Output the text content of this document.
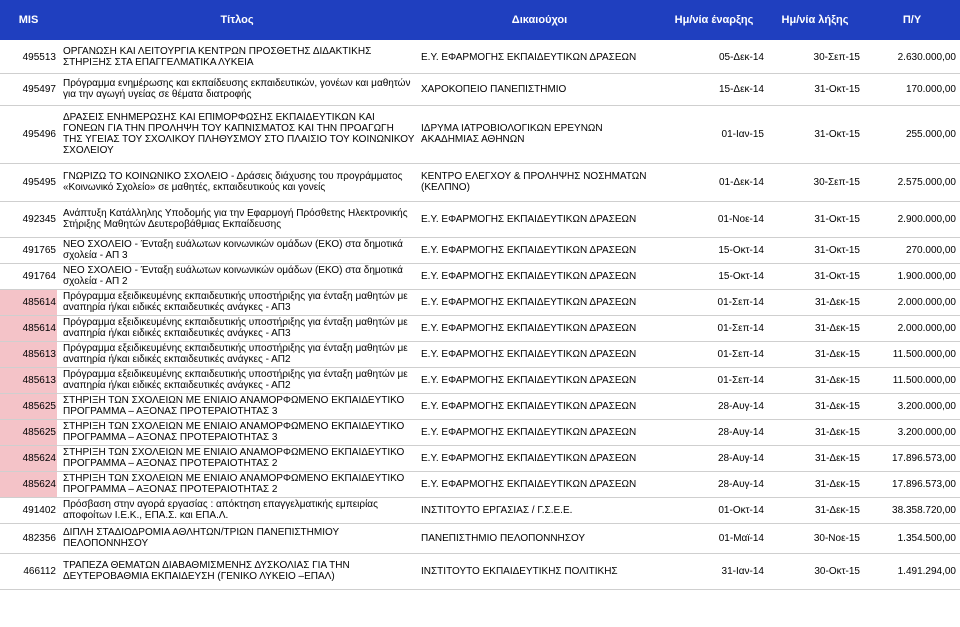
MIS	Τίτλος	Δικαιούχοι	Ημ/νία έναρξης	Ημ/νία λήξης	Π/Υ
495513	ΟΡΓΑΝΩΣΗ ΚΑΙ ΛΕΙΤΟΥΡΓΙΑ ΚΕΝΤΡΩΝ ΠΡΟΣΘΕΤΗΣ ΔΙΔΑΚΤΙΚΗΣ ΣΤΗΡΙΞΗΣ ΣΤΑ ΕΠΑΓΓΕΛΜΑΤΙΚΑ ΛΥΚΕΙΑ	Ε.Υ. ΕΦΑΡΜΟΓΗΣ ΕΚΠΑΙΔΕΥΤΙΚΩΝ ΔΡΑΣΕΩΝ	05-Δεκ-14	30-Σεπ-15	2.630.000,00
495497	Πρόγραμμα ενημέρωσης και εκπαίδευσης εκπαιδευτικών, γονέων και μαθητών για την αγωγή υγείας σε θέματα διατροφής	ΧΑΡΟΚΟΠΕΙΟ ΠΑΝΕΠΙΣΤΗΜΙΟ	15-Δεκ-14	31-Οκτ-15	170.000,00
495496	ΔΡΑΣΕΙΣ ΕΝΗΜΕΡΩΣΗΣ ΚΑΙ ΕΠΙΜΟΡΦΩΣΗΣ ΕΚΠΑΙΔΕΥΤΙΚΩΝ ΚΑΙ ΓΟΝΕΩΝ ΓΙΑ ΤΗΝ ΠΡΟΛΗΨΗ ΤΟΥ ΚΑΠΝΙΣΜΑΤΟΣ ΚΑΙ ΤΗΝ ΠΡΟΑΓΩΓΗ ΤΗΣ ΥΓΕΙΑΣ ΤΟΥ ΣΧΟΛΙΚΟΥ ΠΛΗΘΥΣΜΟΥ ΣΤΟ ΠΛΑΙΣΙΟ ΤΟΥ ΚΟΙΝΩΝΙΚΟΥ ΣΧΟΛΕΙΟΥ	ΙΔΡΥΜΑ ΙΑΤΡΟΒΙΟΛΟΓΙΚΩΝ ΕΡΕΥΝΩΝ ΑΚΑΔΗΜΙΑΣ ΑΘΗΝΩΝ	01-Ιαν-15	31-Οκτ-15	255.000,00
495495	ΓΝΩΡΙΖΩ ΤΟ ΚΟΙΝΩΝΙΚΟ ΣΧΟΛΕΙΟ - Δράσεις διάχυσης του προγράμματος «Κοινωνικό Σχολείο» σε μαθητές, εκπαιδευτικούς και γονείς	ΚΕΝΤΡΟ ΕΛΕΓΧΟΥ & ΠΡΟΛΗΨΗΣ ΝΟΣΗΜΑΤΩΝ (ΚΕΛΠΝΟ)	01-Δεκ-14	30-Σεπ-15	2.575.000,00
492345	Ανάπτυξη Κατάλληλης Υποδομής για την Εφαρμογή Πρόσθετης Ηλεκτρονικής Στήριξης Μαθητών Δευτεροβάθμιας Εκπαίδευσης	Ε.Υ. ΕΦΑΡΜΟΓΗΣ ΕΚΠΑΙΔΕΥΤΙΚΩΝ ΔΡΑΣΕΩΝ	01-Νοε-14	31-Οκτ-15	2.900.000,00
491765	ΝΕΟ ΣΧΟΛΕΙΟ - Ένταξη ευάλωτων κοινωνικών ομάδων (ΕΚΟ) στα δημοτικά σχολεία - ΑΠ 3	Ε.Υ. ΕΦΑΡΜΟΓΗΣ ΕΚΠΑΙΔΕΥΤΙΚΩΝ ΔΡΑΣΕΩΝ	15-Οκτ-14	31-Οκτ-15	270.000,00
491764	ΝΕΟ ΣΧΟΛΕΙΟ - Ένταξη ευάλωτων κοινωνικών ομάδων (ΕΚΟ) στα δημοτικά σχολεία - ΑΠ 2	Ε.Υ. ΕΦΑΡΜΟΓΗΣ ΕΚΠΑΙΔΕΥΤΙΚΩΝ ΔΡΑΣΕΩΝ	15-Οκτ-14	31-Οκτ-15	1.900.000,00
485614	Πρόγραμμα εξειδικευμένης εκπαιδευτικής υποστήριξης για ένταξη μαθητών με αναπηρία ή/και ειδικές εκπαιδευτικές ανάγκες - ΑΠ3	Ε.Υ. ΕΦΑΡΜΟΓΗΣ ΕΚΠΑΙΔΕΥΤΙΚΩΝ ΔΡΑΣΕΩΝ	01-Σεπ-14	31-Δεκ-15	2.000.000,00
485614	Πρόγραμμα εξειδικευμένης εκπαιδευτικής υποστήριξης για ένταξη μαθητών με αναπηρία ή/και ειδικές εκπαιδευτικές ανάγκες - ΑΠ3	Ε.Υ. ΕΦΑΡΜΟΓΗΣ ΕΚΠΑΙΔΕΥΤΙΚΩΝ ΔΡΑΣΕΩΝ	01-Σεπ-14	31-Δεκ-15	2.000.000,00
485613	Πρόγραμμα εξειδικευμένης εκπαιδευτικής υποστήριξης για ένταξη μαθητών με αναπηρία ή/και ειδικές εκπαιδευτικές ανάγκες - ΑΠ2	Ε.Υ. ΕΦΑΡΜΟΓΗΣ ΕΚΠΑΙΔΕΥΤΙΚΩΝ ΔΡΑΣΕΩΝ	01-Σεπ-14	31-Δεκ-15	11.500.000,00
485613	Πρόγραμμα εξειδικευμένης εκπαιδευτικής υποστήριξης για ένταξη μαθητών με αναπηρία ή/και ειδικές εκπαιδευτικές ανάγκες - ΑΠ2	Ε.Υ. ΕΦΑΡΜΟΓΗΣ ΕΚΠΑΙΔΕΥΤΙΚΩΝ ΔΡΑΣΕΩΝ	01-Σεπ-14	31-Δεκ-15	11.500.000,00
485625	ΣΤΗΡΙΞΗ ΤΩΝ ΣΧΟΛΕΙΩΝ ΜΕ ΕΝΙΑΙΟ ΑΝΑΜΟΡΦΩΜΕΝΟ ΕΚΠΑΙΔΕΥΤΙΚΟ ΠΡΟΓΡΑΜΜΑ – ΑΞΟΝΑΣ ΠΡΟΤΕΡΑΙΟΤΗΤΑΣ 3	Ε.Υ. ΕΦΑΡΜΟΓΗΣ ΕΚΠΑΙΔΕΥΤΙΚΩΝ ΔΡΑΣΕΩΝ	28-Αυγ-14	31-Δεκ-15	3.200.000,00
485625	ΣΤΗΡΙΞΗ ΤΩΝ ΣΧΟΛΕΙΩΝ ΜΕ ΕΝΙΑΙΟ ΑΝΑΜΟΡΦΩΜΕΝΟ ΕΚΠΑΙΔΕΥΤΙΚΟ ΠΡΟΓΡΑΜΜΑ – ΑΞΟΝΑΣ ΠΡΟΤΕΡΑΙΟΤΗΤΑΣ 3	Ε.Υ. ΕΦΑΡΜΟΓΗΣ ΕΚΠΑΙΔΕΥΤΙΚΩΝ ΔΡΑΣΕΩΝ	28-Αυγ-14	31-Δεκ-15	3.200.000,00
485624	ΣΤΗΡΙΞΗ ΤΩΝ ΣΧΟΛΕΙΩΝ ΜΕ ΕΝΙΑΙΟ ΑΝΑΜΟΡΦΩΜΕΝΟ ΕΚΠΑΙΔΕΥΤΙΚΟ ΠΡΟΓΡΑΜΜΑ – ΑΞΟΝΑΣ ΠΡΟΤΕΡΑΙΟΤΗΤΑΣ 2	Ε.Υ. ΕΦΑΡΜΟΓΗΣ ΕΚΠΑΙΔΕΥΤΙΚΩΝ ΔΡΑΣΕΩΝ	28-Αυγ-14	31-Δεκ-15	17.896.573,00
485624	ΣΤΗΡΙΞΗ ΤΩΝ ΣΧΟΛΕΙΩΝ ΜΕ ΕΝΙΑΙΟ ΑΝΑΜΟΡΦΩΜΕΝΟ ΕΚΠΑΙΔΕΥΤΙΚΟ ΠΡΟΓΡΑΜΜΑ – ΑΞΟΝΑΣ ΠΡΟΤΕΡΑΙΟΤΗΤΑΣ 2	Ε.Υ. ΕΦΑΡΜΟΓΗΣ ΕΚΠΑΙΔΕΥΤΙΚΩΝ ΔΡΑΣΕΩΝ	28-Αυγ-14	31-Δεκ-15	17.896.573,00
491402	Πρόσβαση στην αγορά εργασίας : απόκτηση επαγγελματικής εμπειρίας αποφοίτων Ι.Ε.Κ., ΕΠΑ.Σ. και ΕΠΑ.Λ.	ΙΝΣΤΙΤΟΥΤΟ ΕΡΓΑΣΙΑΣ / Γ.Σ.Ε.Ε.	01-Οκτ-14	31-Δεκ-15	38.358.720,00
482356	ΔΙΠΛΗ ΣΤΑΔΙΟΔΡΟΜΙΑ ΑΘΛΗΤΩΝ/ΤΡΙΩΝ ΠΑΝΕΠΙΣΤΗΜΙΟΥ ΠΕΛΟΠΟΝΝΗΣΟΥ	ΠΑΝΕΠΙΣΤΗΜΙΟ ΠΕΛΟΠΟΝΝΗΣΟΥ	01-Μαϊ-14	30-Νοε-15	1.354.500,00
466112	ΤΡΑΠΕΖΑ ΘΕΜΑΤΩΝ ΔΙΑΒΑΘΜΙΣΜΕΝΗΣ ΔΥΣΚΟΛΙΑΣ ΓΙΑ ΤΗΝ ΔΕΥΤΕΡΟΒΑΘΜΙΑ ΕΚΠΑΙΔΕΥΣΗ (ΓΕΝΙΚΟ ΛΥΚΕΙΟ –ΕΠΑΛ)	ΙΝΣΤΙΤΟΥΤΟ ΕΚΠΑΙΔΕΥΤΙΚΗΣ ΠΟΛΙΤΙΚΗΣ	31-Ιαν-14	30-Οκτ-15	1.491.294,00
